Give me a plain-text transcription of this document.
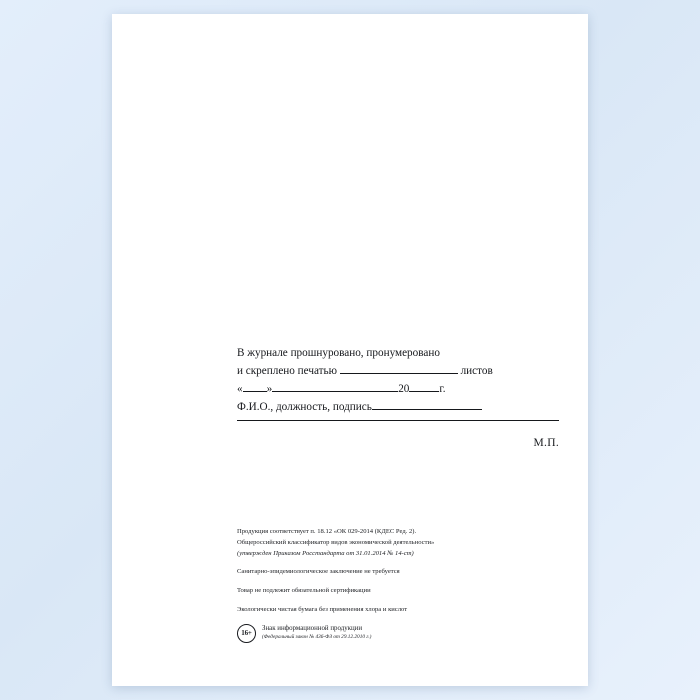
В журнале прошнуровано, пронумеровано
и скреплено печатью	листов
« »	20	г.
Ф.И.О., должность, подпись
М.П.

Продукция соответствует п. 18.12 «ОК 029-2014 (КДЕС Ред. 2).

Общероссийский классификатор видов экономической деятельности»

(утвержден Приказом Росстандарта от 31.01.2014 № 14-ст)

Санитарно-эпидемиологическое заключение не требуется

Товар не подлежит обязательной сертификации

Экологически чистая бумага без применения хлора и кислот

16+
Знак информационной продукции
(Федеральный закон № 436-ФЗ от 29.12.2010 г.)
